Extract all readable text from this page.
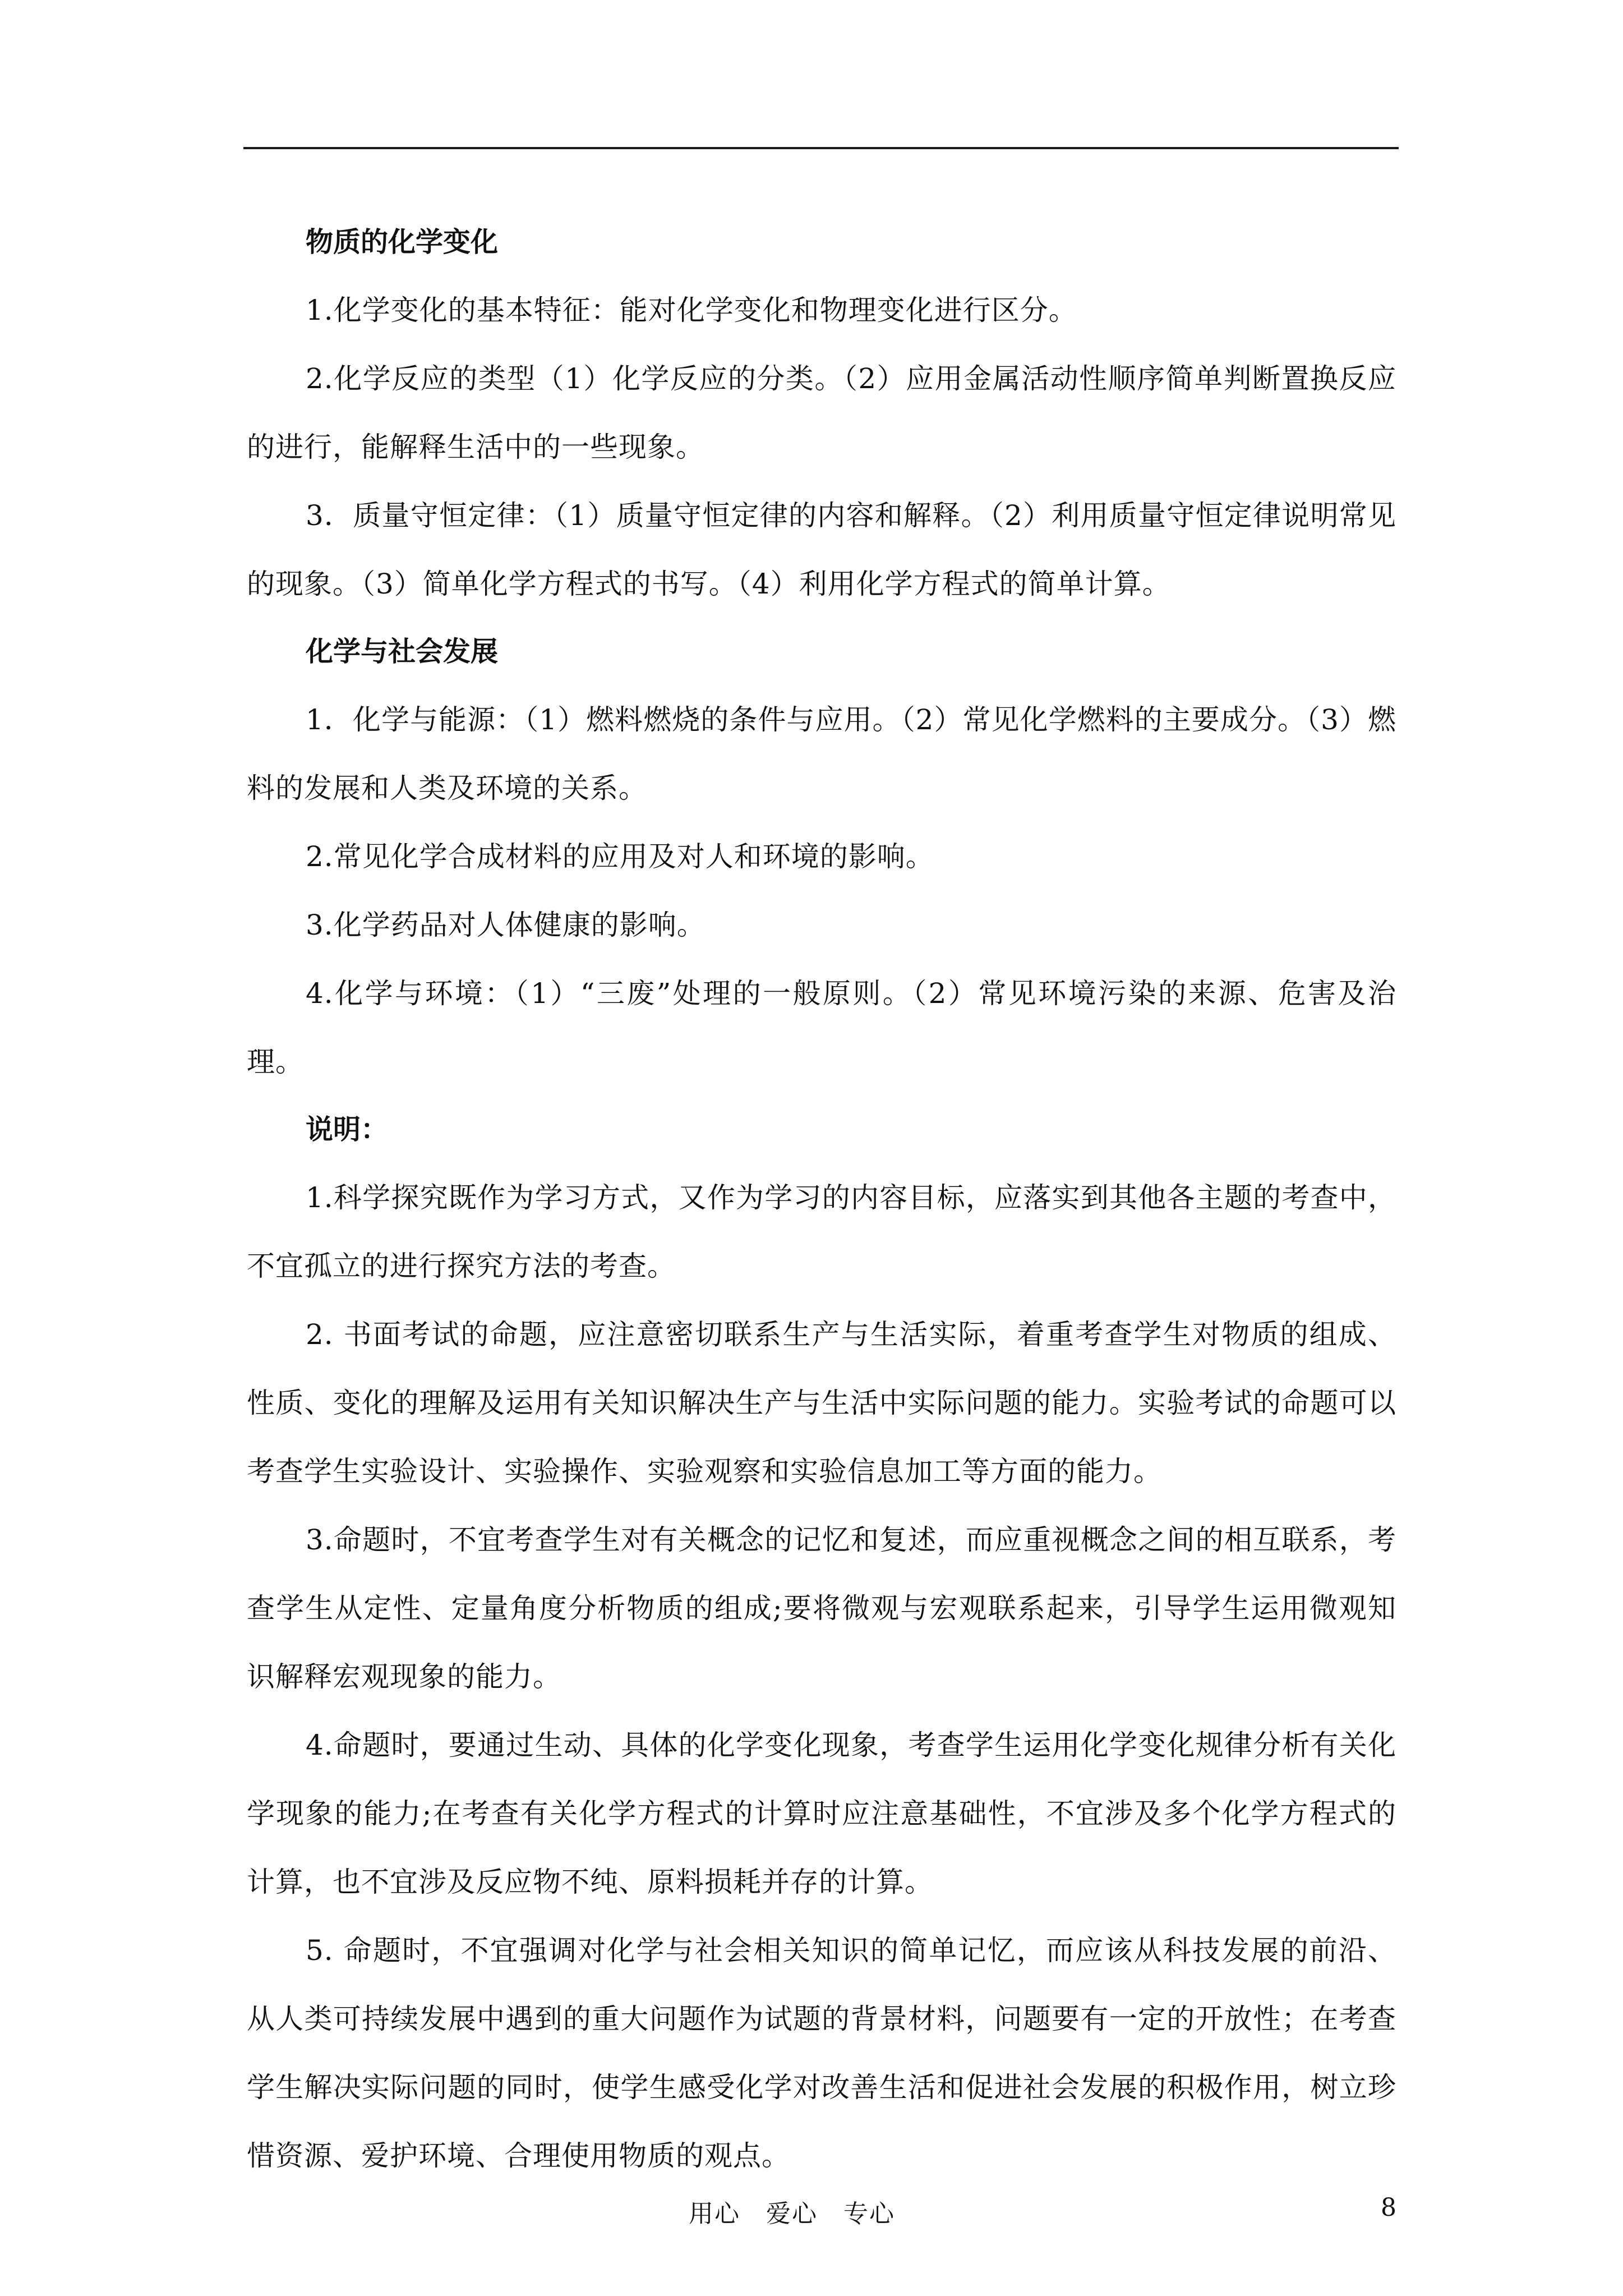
物质的化学变化

1.化学变化的基本特征：能对化学变化和物理变化进行区分。

2.化学反应的类型（1）化学反应的分类。（2）应用金属活动性顺序简单判断置换反应的进行，能解释生活中的一些现象。

3．质量守恒定律：（1）质量守恒定律的内容和解释。（2）利用质量守恒定律说明常见的现象。（3）简单化学方程式的书写。（4）利用化学方程式的简单计算。

化学与社会发展

1．化学与能源：（1）燃料燃烧的条件与应用。（2）常见化学燃料的主要成分。（3）燃料的发展和人类及环境的关系。

2.常见化学合成材料的应用及对人和环境的影响。

3.化学药品对人体健康的影响。

4.化学与环境：（1）“三废”处理的一般原则。（2）常见环境污染的来源、危害及治理。

说明：

1.科学探究既作为学习方式，又作为学习的内容目标，应落实到其他各主题的考查中，不宜孤立的进行探究方法的考查。

2. 书面考试的命题，应注意密切联系生产与生活实际，着重考查学生对物质的组成、性质、变化的理解及运用有关知识解决生产与生活中实际问题的能力。实验考试的命题可以考查学生实验设计、实验操作、实验观察和实验信息加工等方面的能力。

3.命题时，不宜考查学生对有关概念的记忆和复述，而应重视概念之间的相互联系，考查学生从定性、定量角度分析物质的组成;要将微观与宏观联系起来，引导学生运用微观知识解释宏观现象的能力。

4.命题时，要通过生动、具体的化学变化现象，考查学生运用化学变化规律分析有关化学现象的能力;在考查有关化学方程式的计算时应注意基础性，不宜涉及多个化学方程式的计算，也不宜涉及反应物不纯、原料损耗并存的计算。

5. 命题时，不宜强调对化学与社会相关知识的简单记忆，而应该从科技发展的前沿、从人类可持续发展中遇到的重大问题作为试题的背景材料，问题要有一定的开放性；在考查学生解决实际问题的同时，使学生感受化学对改善生活和促进社会发展的积极作用，树立珍惜资源、爱护环境、合理使用物质的观点。

用心　爱心　专心	8
